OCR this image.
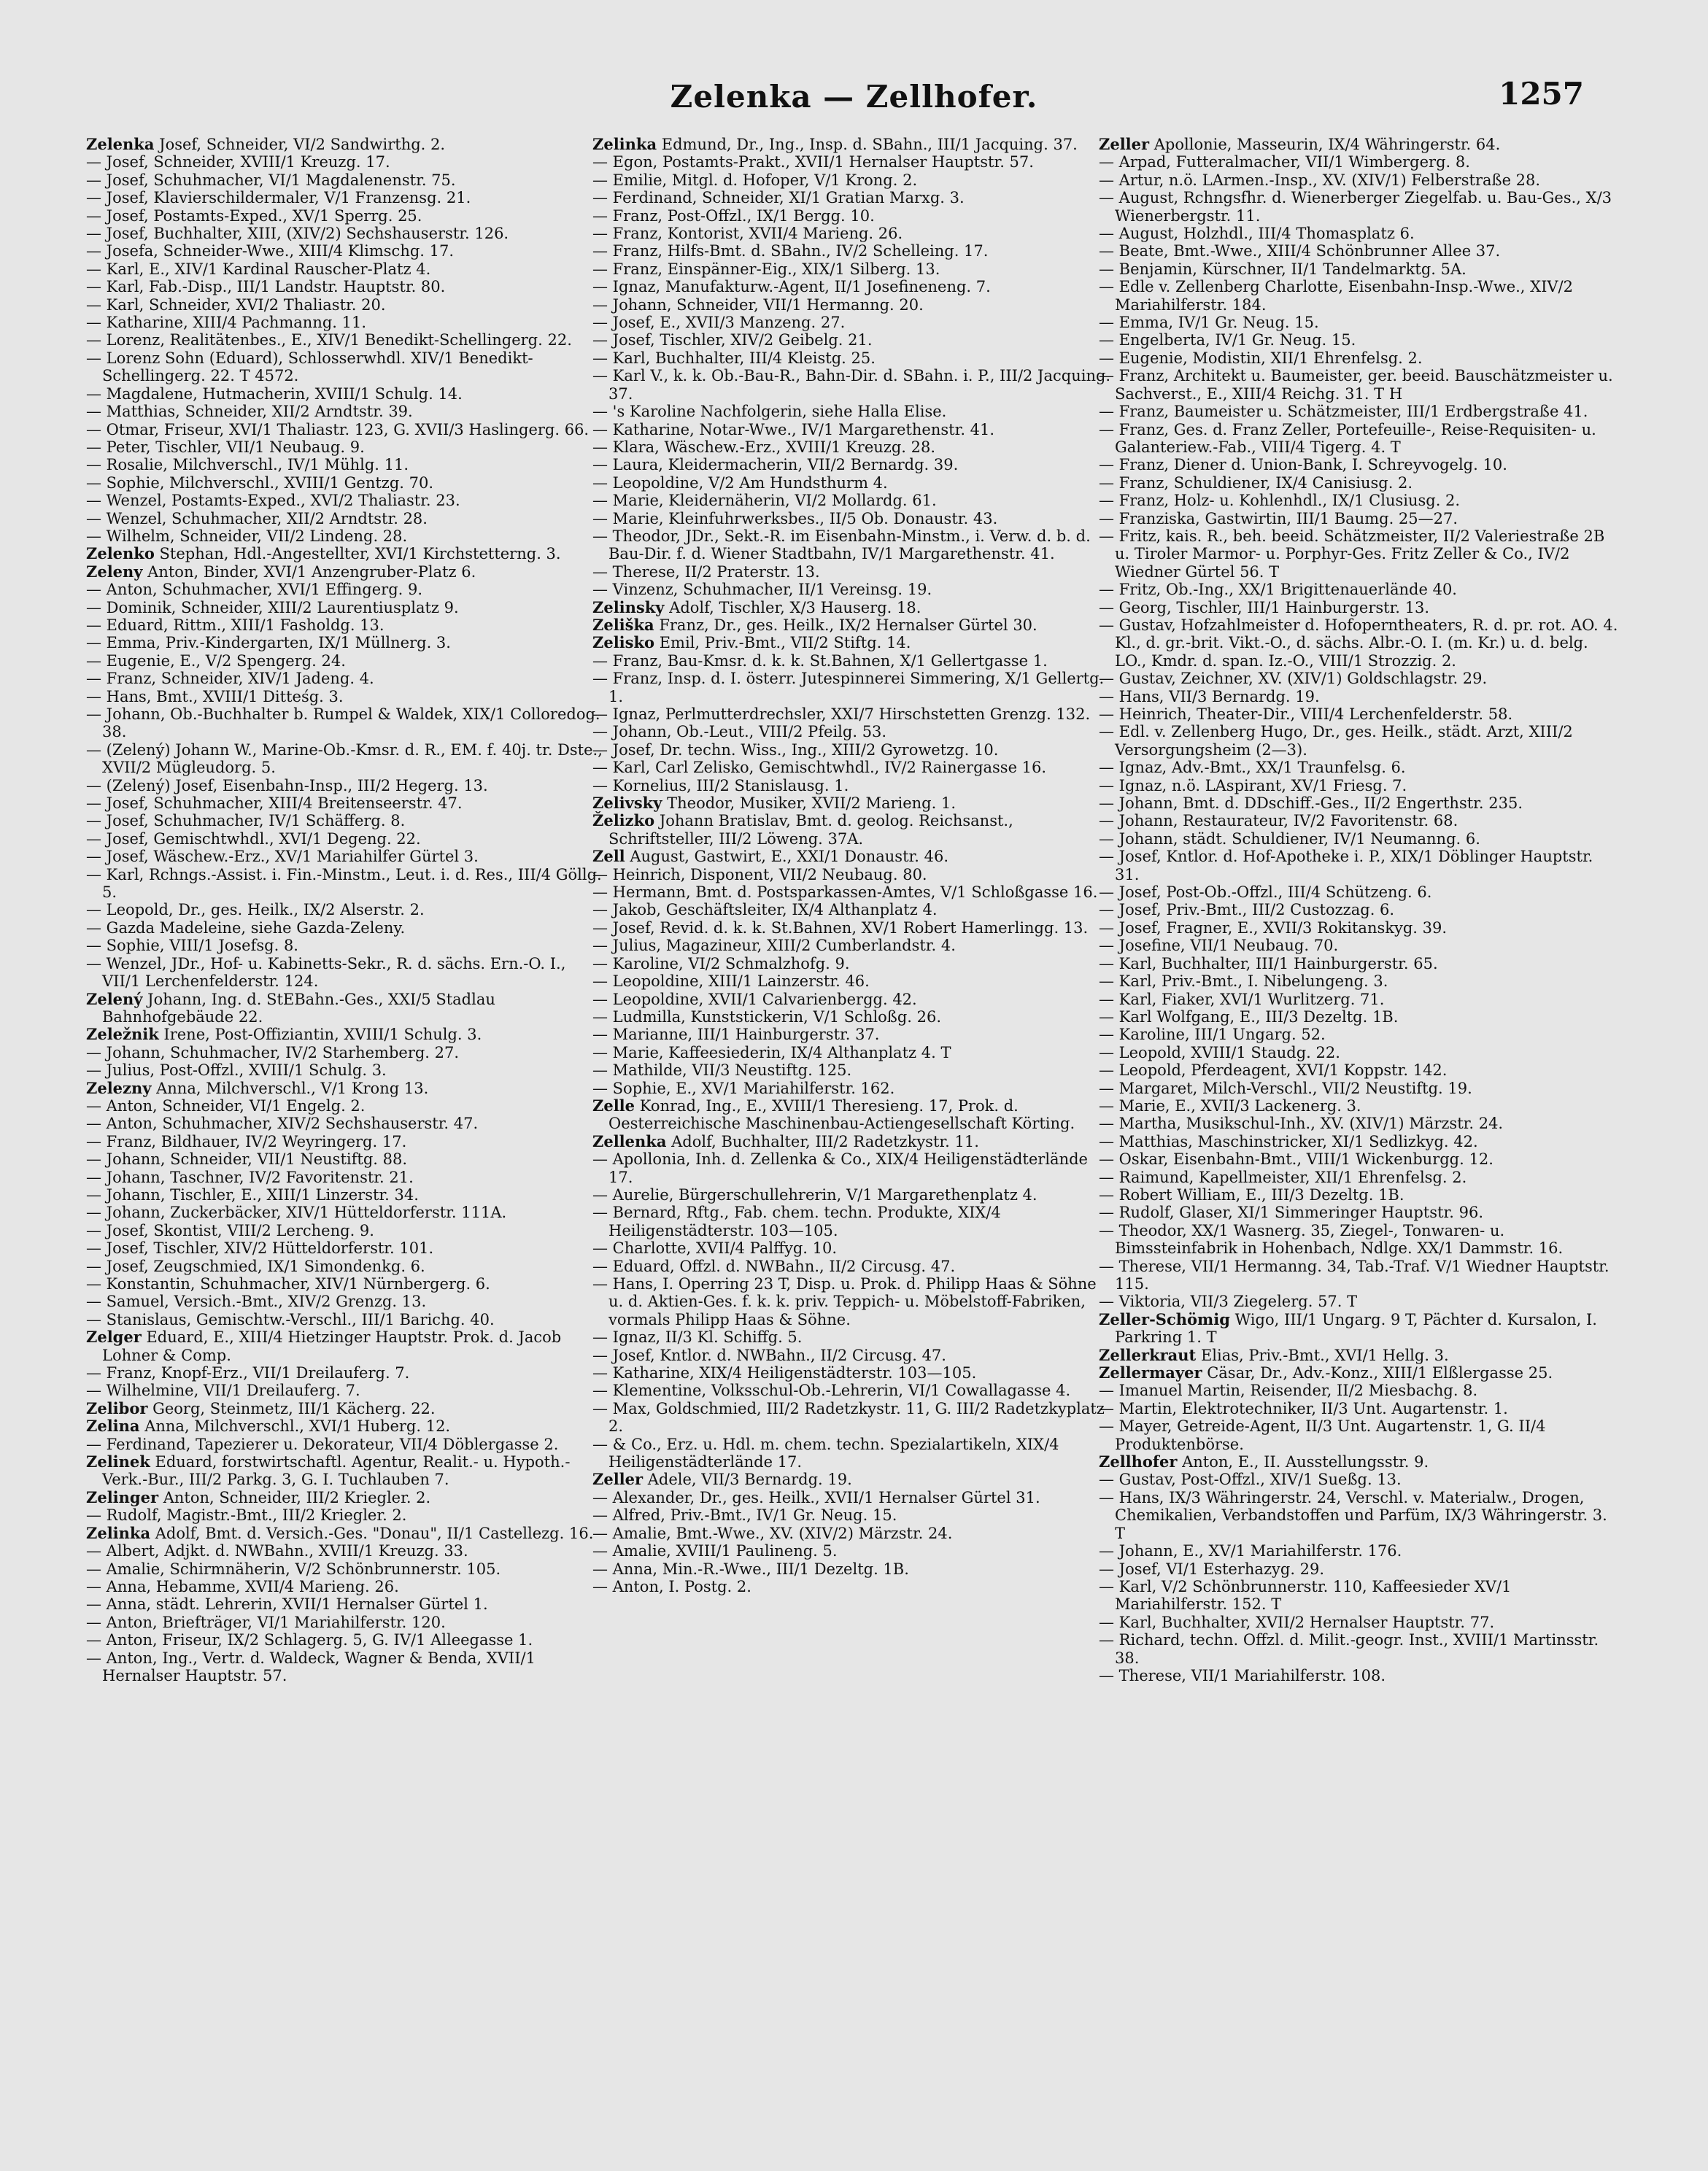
Zelenka — Zellhofer.	1257
Zelenka Josef, Schneider, VI/2 Sandwirthg. 2.
— Josef, Schneider, XVIII/1 Kreuzg. 17.
— Josef, Schuhmacher, VI/1 Magdalenenstr. 75.
— Josef, Klavierschildermaler, V/1 Franzensg. 21.
— Josef, Postamts-Exped., XV/1 Sperrg. 25.
— Josef, Buchhalter, XIII, (XIV/2) Sechshauserstr. 126.
— Josefa, Schneider-Wwe., XIII/4 Klimschg. 17.
— Karl, E., XIV/1 Kardinal Rauscher-Platz 4.
— Karl, Fab.-Disp., III/1 Landstr. Hauptstr. 80.
— Karl, Schneider, XVI/2 Thaliastr. 20.
— Katharine, XIII/4 Pachmanng. 11.
— Lorenz, Realitätenbes., E., XIV/1 Benedikt-Schellingerg. 22.
— Lorenz Sohn (Eduard), Schlosserwhdl. XIV/1 Benedikt-Schellingerg. 22. T 4572.
— Magdalene, Hutmacherin, XVIII/1 Schulg. 14.
— Matthias, Schneider, XII/2 Arndtstr. 39.
— Otmar, Friseur, XVI/1 Thaliastr. 123, G. XVII/3 Haslingerg. 66.
— Peter, Tischler, VII/1 Neubaug. 9.
— Rosalie, Milchverschl., IV/1 Mühlg. 11.
— Sophie, Milchverschl., XVIII/1 Gentzg. 70.
— Wenzel, Postamts-Exped., XVI/2 Thaliastr. 23.
— Wenzel, Schuhmacher, XII/2 Arndtstr. 28.
— Wilhelm, Schneider, VII/2 Lindeng. 28.
Zelenko Stephan, Hdl.-Angestellter, XVI/1 Kirchstetterng. 3.
Zeleny Anton, Binder, XVI/1 Anzengruber-Platz 6.
— Anton, Schuhmacher, XVI/1 Effingerg. 9.
— Dominik, Schneider, XIII/2 Laurentiusplatz 9.
— Eduard, Rittm., XIII/1 Fasholdg. 13.
— Emma, Priv.-Kindergarten, IX/1 Müllnerg. 3.
— Eugenie, E., V/2 Spengerg. 24.
— Franz, Schneider, XIV/1 Jadeng. 4.
— Hans, Bmt., XVIII/1 Ditteśg. 3.
— Johann, Ob.-Buchhalter b. Rumpel & Waldek, XIX/1 Colloredog. 38.
— (Zelený) Johann W., Marine-Ob.-Kmsr. d. R., EM. f. 40j. tr. Dste., XVII/2 Mügleudorg. 5.
— (Zelený) Josef, Eisenbahn-Insp., III/2 Hegerg. 13.
— Josef, Schuhmacher, XIII/4 Breitenseerstr. 47.
— Josef, Schuhmacher, IV/1 Schäfferg. 8.
— Josef, Gemischtwhdl., XVI/1 Degeng. 22.
— Josef, Wäschew.-Erz., XV/1 Mariahilfer Gürtel 3.
— Karl, Rchngs.-Assist. i. Fin.-Minstm., Leut. i. d. Res., III/4 Göllg. 5.
— Leopold, Dr., ges. Heilk., IX/2 Alserstr. 2.
— Gazda Madeleine, siehe Gazda-Zeleny.
— Sophie, VIII/1 Josefsg. 8.
— Wenzel, JDr., Hof- u. Kabinetts-Sekr., R. d. sächs. Ern.-O. I., VII/1 Lerchenfelderstr. 124.
Zelený Johann, Ing. d. StEBahn.-Ges., XXI/5 Stadlau Bahnhofgebäude 22.
Zeležnik Irene, Post-Offiziantin, XVIII/1 Schulg. 3.
— Johann, Schuhmacher, IV/2 Starhemberg. 27.
— Julius, Post-Offzl., XVIII/1 Schulg. 3.
Zelezny Anna, Milchverschl., V/1 Krong 13.
— Anton, Schneider, VI/1 Engelg. 2.
— Anton, Schuhmacher, XIV/2 Sechshauserstr. 47.
— Franz, Bildhauer, IV/2 Weyringerg. 17.
— Johann, Schneider, VII/1 Neustiftg. 88.
— Johann, Taschner, IV/2 Favoritenstr. 21.
— Johann, Tischler, E., XIII/1 Linzerstr. 34.
— Johann, Zuckerbäcker, XIV/1 Hütteldorferstr. 111A.
— Josef, Skontist, VIII/2 Lercheng. 9.
— Josef, Tischler, XIV/2 Hütteldorferstr. 101.
— Josef, Zeugschmied, IX/1 Simondenkg. 6.
— Konstantin, Schuhmacher, XIV/1 Nürnbergerg. 6.
— Samuel, Versich.-Bmt., XIV/2 Grenzg. 13.
— Stanislaus, Gemischtw.-Verschl., III/1 Barichg. 40.
Zelger Eduard, E., XIII/4 Hietzinger Hauptstr. Prok. d. Jacob Lohner & Comp.
— Franz, Knopf-Erz., VII/1 Dreilauferg. 7.
— Wilhelmine, VII/1 Dreilauferg. 7.
Zelibor Georg, Steinmetz, III/1 Kächerg. 22.
Zelina Anna, Milchverschl., XVI/1 Huberg. 12.
— Ferdinand, Tapezierer u. Dekorateur, VII/4 Döblergasse 2.
Zelinek Eduard, forstwirtschaftl. Agentur, Realit.- u. Hypoth.-Verk.-Bur., III/2 Parkg. 3, G. I. Tuchlauben 7.
Zelinger Anton, Schneider, III/2 Kriegler. 2.
— Rudolf, Magistr.-Bmt., III/2 Kriegler. 2.
Zelinka Adolf, Bmt. d. Versich.-Ges. "Donau", II/1 Castellezg. 16.
— Albert, Adjkt. d. NWBahn., XVIII/1 Kreuzg. 33.
— Amalie, Schirmnäherin, V/2 Schönbrunnerstr. 105.
— Anna, Hebamme, XVII/4 Marieng. 26.
— Anna, städt. Lehrerin, XVII/1 Hernalser Gürtel 1.
— Anton, Briefträger, VI/1 Mariahilferstr. 120.
— Anton, Friseur, IX/2 Schlagerg. 5, G. IV/1 Alleegasse 1.
— Anton, Ing., Vertr. d. Waldeck, Wagner & Benda, XVII/1 Hernalser Hauptstr. 57.
Zelinka Edmund, Dr., Ing., Insp. d. SBahn., III/1 Jacquing. 37.
— Egon, Postamts-Prakt., XVII/1 Hernalser Hauptstr. 57.
— Emilie, Mitgl. d. Hofoper, V/1 Krong. 2.
— Ferdinand, Schneider, XI/1 Gratian Marxg. 3.
— Franz, Post-Offzl., IX/1 Bergg. 10.
— Franz, Kontorist, XVII/4 Marieng. 26.
— Franz, Hilfs-Bmt. d. SBahn., IV/2 Schelleing. 17.
— Franz, Einspänner-Eig., XIX/1 Silberg. 13.
— Ignaz, Manufakturw.-Agent, II/1 Josefineneng. 7.
— Johann, Schneider, VII/1 Hermanng. 20.
— Josef, E., XVII/3 Manzeng. 27.
— Josef, Tischler, XIV/2 Geibelg. 21.
— Karl, Buchhalter, III/4 Kleistg. 25.
— Karl V., k. k. Ob.-Bau-R., Bahn-Dir. d. SBahn. i. P., III/2 Jacquing. 37.
— 's Karoline Nachfolgerin, siehe Halla Elise.
— Katharine, Notar-Wwe., IV/1 Margarethenstr. 41.
— Klara, Wäschew.-Erz., XVIII/1 Kreuzg. 28.
— Laura, Kleidermacherin, VII/2 Bernardg. 39.
— Leopoldine, V/2 Am Hundsthurm 4.
— Marie, Kleidernäherin, VI/2 Mollardg. 61.
— Marie, Kleinfuhrwerksbes., II/5 Ob. Donaustr. 43.
— Theodor, JDr., Sekt.-R. im Eisenbahn-Minstm., i. Verw. d. b. d. Bau-Dir. f. d. Wiener Stadtbahn, IV/1 Margarethenstr. 41.
— Therese, II/2 Praterstr. 13.
— Vinzenz, Schuhmacher, II/1 Vereinsg. 19.
Zelinsky Adolf, Tischler, X/3 Hauserg. 18.
Zeliška Franz, Dr., ges. Heilk., IX/2 Hernalser Gürtel 30.
Zelisko Emil, Priv.-Bmt., VII/2 Stiftg. 14.
— Franz, Bau-Kmsr. d. k. k. St.Bahnen, X/1 Gellertgasse 1.
— Franz, Insp. d. I. österr. Jutespinnerei Simmering, X/1 Gellertg. 1.
— Ignaz, Perlmutterdrechsler, XXI/7 Hirschstetten Grenzg. 132.
— Johann, Ob.-Leut., VIII/2 Pfeilg. 53.
— Josef, Dr. techn. Wiss., Ing., XIII/2 Gyrowetzg. 10.
— Karl, Carl Zelisko, Gemischtwhdl., IV/2 Rainergasse 16.
— Kornelius, III/2 Stanislausg. 1.
Zelivsky Theodor, Musiker, XVII/2 Marieng. 1.
Želizko Johann Bratislav, Bmt. d. geolog. Reichsanst., Schriftsteller, III/2 Löweng. 37A.
Zell August, Gastwirt, E., XXI/1 Donaustr. 46.
— Heinrich, Disponent, VII/2 Neubaug. 80.
— Hermann, Bmt. d. Postsparkassen-Amtes, V/1 Schloßgasse 16.
— Jakob, Geschäftsleiter, IX/4 Althanplatz 4.
— Josef, Revid. d. k. k. St.Bahnen, XV/1 Robert Hamerlingg. 13.
— Julius, Magazineur, XIII/2 Cumberlandstr. 4.
— Karoline, VI/2 Schmalzhofg. 9.
— Leopoldine, XIII/1 Lainzerstr. 46.
— Leopoldine, XVII/1 Calvarienbergg. 42.
— Ludmilla, Kunststickerin, V/1 Schloßg. 26.
— Marianne, III/1 Hainburgerstr. 37.
— Marie, Kaffeesiederin, IX/4 Althanplatz 4. T
— Mathilde, VII/3 Neustiftg. 125.
— Sophie, E., XV/1 Mariahilferstr. 162.
Zelle Konrad, Ing., E., XVIII/1 Theresieng. 17, Prok. d. Oesterreichische Maschinenbau-Actiengesellschaft Körting.
Zellenka Adolf, Buchhalter, III/2 Radetzkystr. 11.
— Apollonia, Inh. d. Zellenka & Co., XIX/4 Heiligenstädterlände 17.
— Aurelie, Bürgerschullehrerin, V/1 Margarethenplatz 4.
— Bernard, Rftg., Fab. chem. techn. Produkte, XIX/4 Heiligenstädterstr. 103—105.
— Charlotte, XVII/4 Palffyg. 10.
— Eduard, Offzl. d. NWBahn., II/2 Circusg. 47.
— Hans, I. Operring 23 T, Disp. u. Prok. d. Philipp Haas & Söhne u. d. Aktien-Ges. f. k. k. priv. Teppich- u. Möbelstoff-Fabriken, vormals Philipp Haas & Söhne.
— Ignaz, II/3 Kl. Schiffg. 5.
— Josef, Kntlor. d. NWBahn., II/2 Circusg. 47.
— Katharine, XIX/4 Heiligenstädterstr. 103—105.
— Klementine, Volksschul-Ob.-Lehrerin, VI/1 Cowallagasse 4.
— Max, Goldschmied, III/2 Radetzkystr. 11, G. III/2 Radetzkyplatz 2.
— & Co., Erz. u. Hdl. m. chem. techn. Spezialartikeln, XIX/4 Heiligenstädterlände 17.
Zeller Adele, VII/3 Bernardg. 19.
— Alexander, Dr., ges. Heilk., XVII/1 Hernalser Gürtel 31.
— Alfred, Priv.-Bmt., IV/1 Gr. Neug. 15.
— Amalie, Bmt.-Wwe., XV. (XIV/2) Märzstr. 24.
— Amalie, XVIII/1 Paulineng. 5.
— Anna, Min.-R.-Wwe., III/1 Dezeltg. 1B.
— Anton, I. Postg. 2.
Zeller Apollonie, Masseurin, IX/4 Währingerstr. 64.
— Arpad, Futteralmacher, VII/1 Wimbergerg. 8.
— Artur, n.ö. LArmen.-Insp., XV. (XIV/1) Felberstraße 28.
— August, Rchngsfhr. d. Wienerberger Ziegelfab. u. Bau-Ges., X/3 Wienerbergstr. 11.
— August, Holzhdl., III/4 Thomasplatz 6.
— Beate, Bmt.-Wwe., XIII/4 Schönbrunner Allee 37.
— Benjamin, Kürschner, II/1 Tandelmarktg. 5A.
— Edle v. Zellenberg Charlotte, Eisenbahn-Insp.-Wwe., XIV/2 Mariahilferstr. 184.
— Emma, IV/1 Gr. Neug. 15.
— Engelberta, IV/1 Gr. Neug. 15.
— Eugenie, Modistin, XII/1 Ehrenfelsg. 2.
— Franz, Architekt u. Baumeister, ger. beeid. Bauschätzmeister u. Sachverst., E., XIII/4 Reichg. 31. T H
— Franz, Baumeister u. Schätzmeister, III/1 Erdbergstraße 41.
— Franz, Ges. d. Franz Zeller, Portefeuille-, Reise-Requisiten- u. Galanteriew.-Fab., VIII/4 Tigerg. 4. T
— Franz, Diener d. Union-Bank, I. Schreyvogelg. 10.
— Franz, Schuldiener, IX/4 Canisiusg. 2.
— Franz, Holz- u. Kohlenhdl., IX/1 Clusiusg. 2.
— Franziska, Gastwirtin, III/1 Baumg. 25—27.
— Fritz, kais. R., beh. beeid. Schätzmeister, II/2 Valeriestraße 2B u. Tiroler Marmor- u. Porphyr-Ges. Fritz Zeller & Co., IV/2 Wiedner Gürtel 56. T
— Fritz, Ob.-Ing., XX/1 Brigittenauerlände 40.
— Georg, Tischler, III/1 Hainburgerstr. 13.
— Gustav, Hofzahlmeister d. Hofoperntheaters, R. d. pr. rot. AO. 4. Kl., d. gr.-brit. Vikt.-O., d. sächs. Albr.-O. I. (m. Kr.) u. d. belg. LO., Kmdr. d. span. Iz.-O., VIII/1 Strozzig. 2.
— Gustav, Zeichner, XV. (XIV/1) Goldschlagstr. 29.
— Hans, VII/3 Bernardg. 19.
— Heinrich, Theater-Dir., VIII/4 Lerchenfelderstr. 58.
— Edl. v. Zellenberg Hugo, Dr., ges. Heilk., städt. Arzt, XIII/2 Versorgungsheim (2—3).
— Ignaz, Adv.-Bmt., XX/1 Traunfelsg. 6.
— Ignaz, n.ö. LAspirant, XV/1 Friesg. 7.
— Johann, Bmt. d. DDschiff.-Ges., II/2 Engerthstr. 235.
— Johann, Restaurateur, IV/2 Favoritenstr. 68.
— Johann, städt. Schuldiener, IV/1 Neumanng. 6.
— Josef, Kntlor. d. Hof-Apotheke i. P., XIX/1 Döblinger Hauptstr. 31.
— Josef, Post-Ob.-Offzl., III/4 Schützeng. 6.
— Josef, Priv.-Bmt., III/2 Custozzag. 6.
— Josef, Fragner, E., XVII/3 Rokitanskyg. 39.
— Josefine, VII/1 Neubaug. 70.
— Karl, Buchhalter, III/1 Hainburgerstr. 65.
— Karl, Priv.-Bmt., I. Nibelungeng. 3.
— Karl, Fiaker, XVI/1 Wurlitzerg. 71.
— Karl Wolfgang, E., III/3 Dezeltg. 1B.
— Karoline, III/1 Ungarg. 52.
— Leopold, XVIII/1 Staudg. 22.
— Leopold, Pferdeagent, XVI/1 Koppstr. 142.
— Margaret, Milch-Verschl., VII/2 Neustiftg. 19.
— Marie, E., XVII/3 Lackenerg. 3.
— Martha, Musikschul-Inh., XV. (XIV/1) Märzstr. 24.
— Matthias, Maschinstricker, XI/1 Sedlizkyg. 42.
— Oskar, Eisenbahn-Bmt., VIII/1 Wickenburgg. 12.
— Raimund, Kapellmeister, XII/1 Ehrenfelsg. 2.
— Robert William, E., III/3 Dezeltg. 1B.
— Rudolf, Glaser, XI/1 Simmeringer Hauptstr. 96.
— Theodor, XX/1 Wasnerg. 35, Ziegel-, Tonwaren- u. Bimssteinfabrik in Hohenbach, Ndlge. XX/1 Dammstr. 16.
— Therese, VII/1 Hermanng. 34, Tab.-Traf. V/1 Wiedner Hauptstr. 115.
— Viktoria, VII/3 Ziegelerg. 57. T
Zeller-Schömig Wigo, III/1 Ungarg. 9 T, Pächter d. Kursalon, I. Parkring 1. T
Zellerkraut Elias, Priv.-Bmt., XVI/1 Hellg. 3.
Zellermayer Cäsar, Dr., Adv.-Konz., XIII/1 Elßlergasse 25.
— Imanuel Martin, Reisender, II/2 Miesbachg. 8.
— Martin, Elektrotechniker, II/3 Unt. Augartenstr. 1.
— Mayer, Getreide-Agent, II/3 Unt. Augartenstr. 1, G. II/4 Produktenbörse.
Zellhofer Anton, E., II. Ausstellungsstr. 9.
— Gustav, Post-Offzl., XIV/1 Sueßg. 13.
— Hans, IX/3 Währingerstr. 24, Verschl. v. Materialw., Drogen, Chemikalien, Verbandstoffen und Parfüm, IX/3 Währingerstr. 3. T
— Johann, E., XV/1 Mariahilferstr. 176.
— Josef, VI/1 Esterhazyg. 29.
— Karl, V/2 Schönbrunnerstr. 110, Kaffeesieder XV/1 Mariahilferstr. 152. T
— Karl, Buchhalter, XVII/2 Hernalser Hauptstr. 77.
— Richard, techn. Offzl. d. Milit.-geogr. Inst., XVIII/1 Martinsstr. 38.
— Therese, VII/1 Mariahilferstr. 108.
